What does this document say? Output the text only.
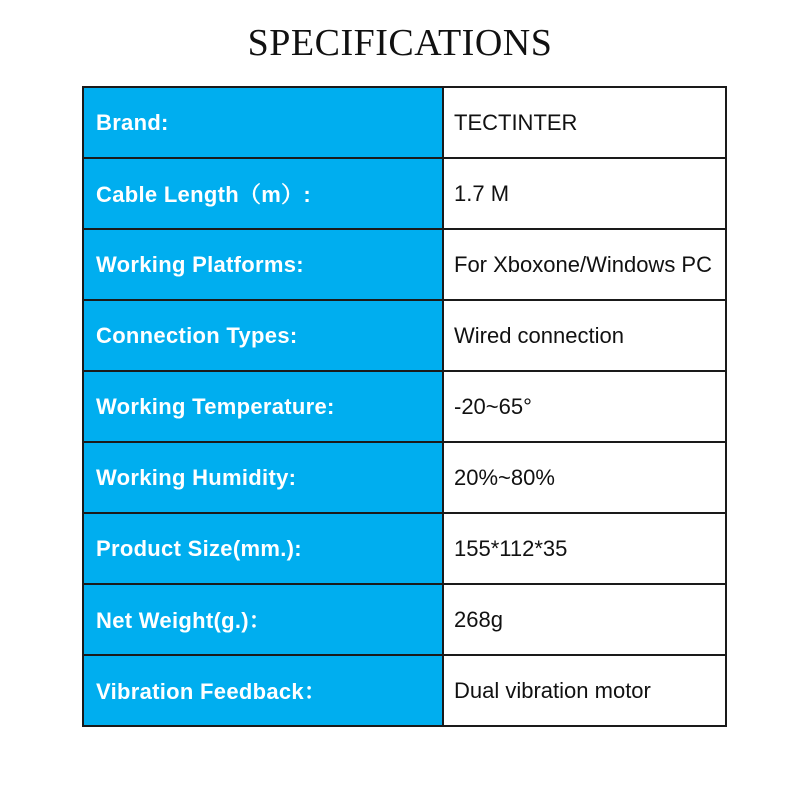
SPECIFICATIONS
Brand:	TECTINTER
Cable Length（m）:	1.7 M
Working Platforms:	For Xboxone/Windows PC
Connection Types:	Wired connection
Working Temperature:	-20~65°
Working Humidity:	20%~80%
Product Size(mm.):	155*112*35
Net Weight(g.)：	268g
Vibration Feedback：	Dual vibration motor
